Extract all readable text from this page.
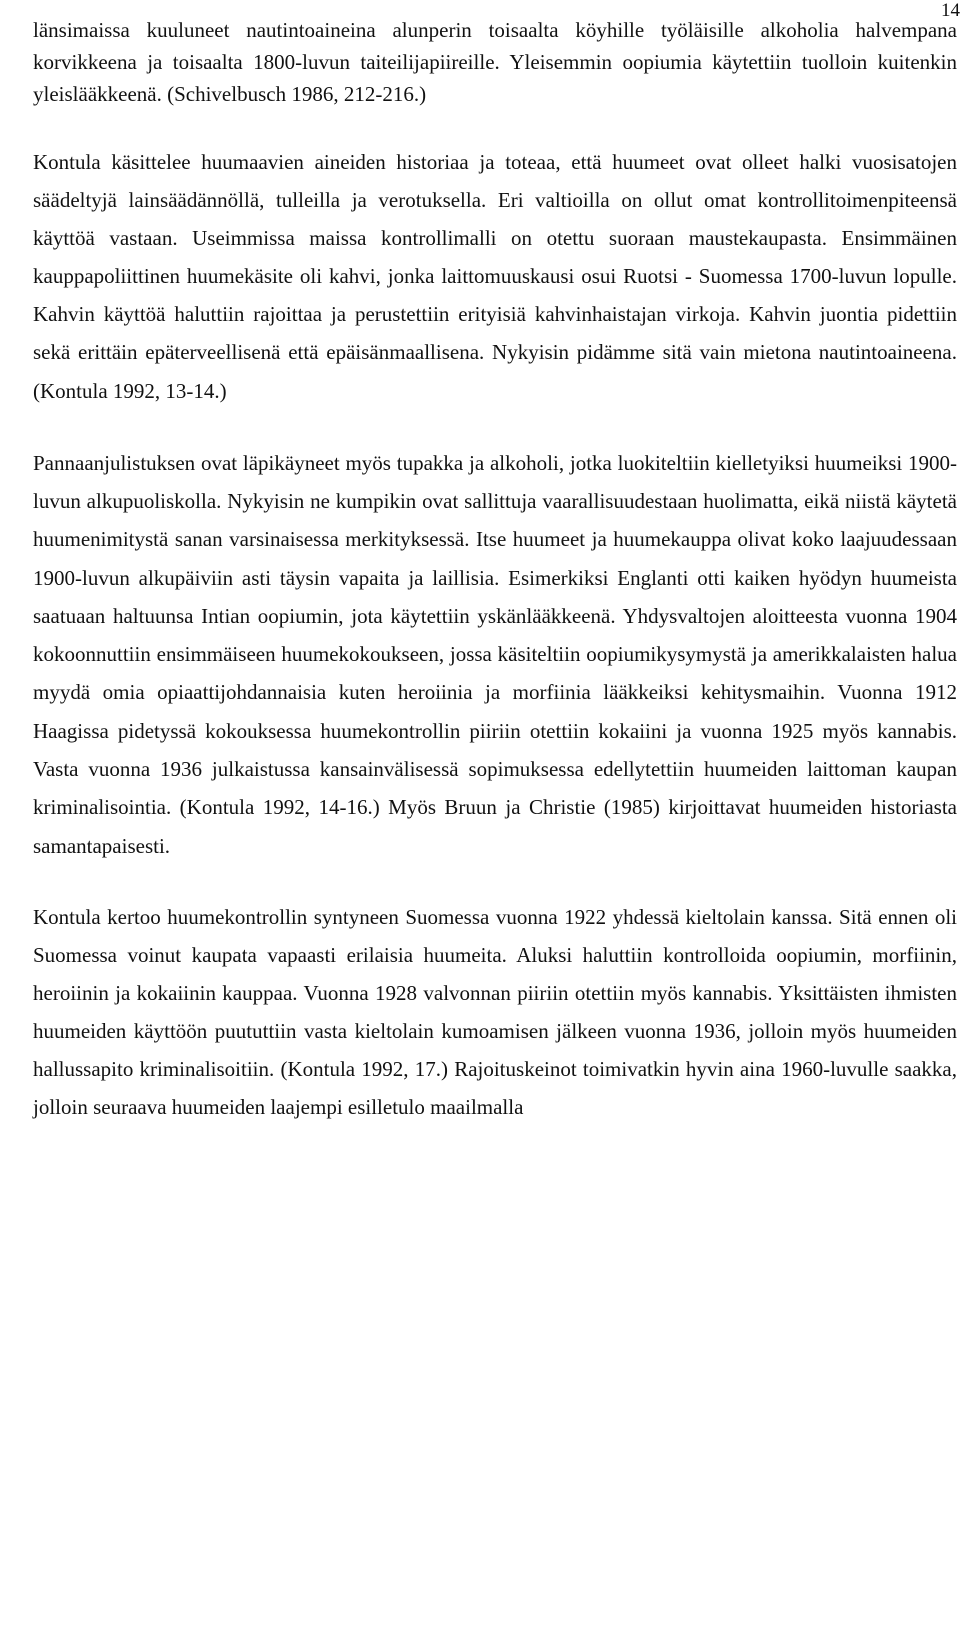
14

länsimaissa kuuluneet nautintoaineina alunperin toisaalta köyhille työläisille alkoholia halvempana korvikkeena ja toisaalta 1800-luvun taiteilijapiireille. Yleisemmin oopiumia käytettiin tuolloin kuitenkin yleislääkkeenä. (Schivelbusch 1986, 212-216.)

Kontula käsittelee huumaavien aineiden historiaa ja toteaa, että huumeet ovat olleet halki vuosisatojen säädeltyjä lainsäädännöllä, tulleilla ja verotuksella. Eri valtioilla on ollut omat kontrollitoimenpiteensä käyttöä vastaan. Useimmissa maissa kontrollimalli on otettu suoraan maustekaupasta. Ensimmäinen kauppapoliittinen huumekäsite oli kahvi, jonka laittomuuskausi osui Ruotsi - Suomessa 1700-luvun lopulle. Kahvin käyttöä haluttiin rajoittaa ja perustettiin erityisiä kahvinhaistajan virkoja. Kahvin juontia pidettiin sekä erittäin epäterveellisenä että epäisänmaallisena. Nykyisin pidämme sitä vain mietona nautintoaineena. (Kontula 1992, 13-14.)

Pannaanjulistuksen ovat läpikäyneet myös tupakka ja alkoholi, jotka luokiteltiin kielletyiksi huumeiksi 1900-luvun alkupuoliskolla. Nykyisin ne kumpikin ovat sallittuja vaarallisuudestaan huolimatta, eikä niistä käytetä huumenimitystä sanan varsinaisessa merkityksessä. Itse huumeet ja huumekauppa olivat koko laajuudessaan 1900-luvun alkupäiviin asti täysin vapaita ja laillisia. Esimerkiksi Englanti otti kaiken hyödyn huumeista saatuaan haltuunsa Intian oopiumin, jota käytettiin yskänlääkkeenä. Yhdysvaltojen aloitteesta vuonna 1904 kokoonnuttiin ensimmäiseen huumekokoukseen, jossa käsiteltiin oopiumikysymystä ja amerikkalaisten halua myydä omia opiaattijohdannaisia kuten heroiinia ja morfiinia lääkkeiksi kehitysmaihin. Vuonna 1912 Haagissa pidetyssä kokouksessa huumekontrollin piiriin otettiin kokaiini ja vuonna 1925 myös kannabis. Vasta vuonna 1936 julkaistussa kansainvälisessä sopimuksessa edellytettiin huumeiden laittoman kaupan kriminalisointia. (Kontula 1992, 14-16.) Myös Bruun ja Christie (1985) kirjoittavat huumeiden historiasta samantapaisesti.

Kontula kertoo huumekontrollin syntyneen Suomessa vuonna 1922 yhdessä kieltolain kanssa. Sitä ennen oli Suomessa voinut kaupata vapaasti erilaisia huumeita. Aluksi haluttiin kontrolloida oopiumin, morfiinin, heroiinin ja kokaiinin kauppaa. Vuonna 1928 valvonnan piiriin otettiin myös kannabis. Yksittäisten ihmisten huumeiden käyttöön puututtiin vasta kieltolain kumoamisen jälkeen vuonna 1936, jolloin myös huumeiden hallussapito kriminalisoitiin. (Kontula 1992, 17.) Rajoituskeinot toimivatkin hyvin aina 1960-luvulle saakka, jolloin seuraava huumeiden laajempi esilletulo maailmalla
